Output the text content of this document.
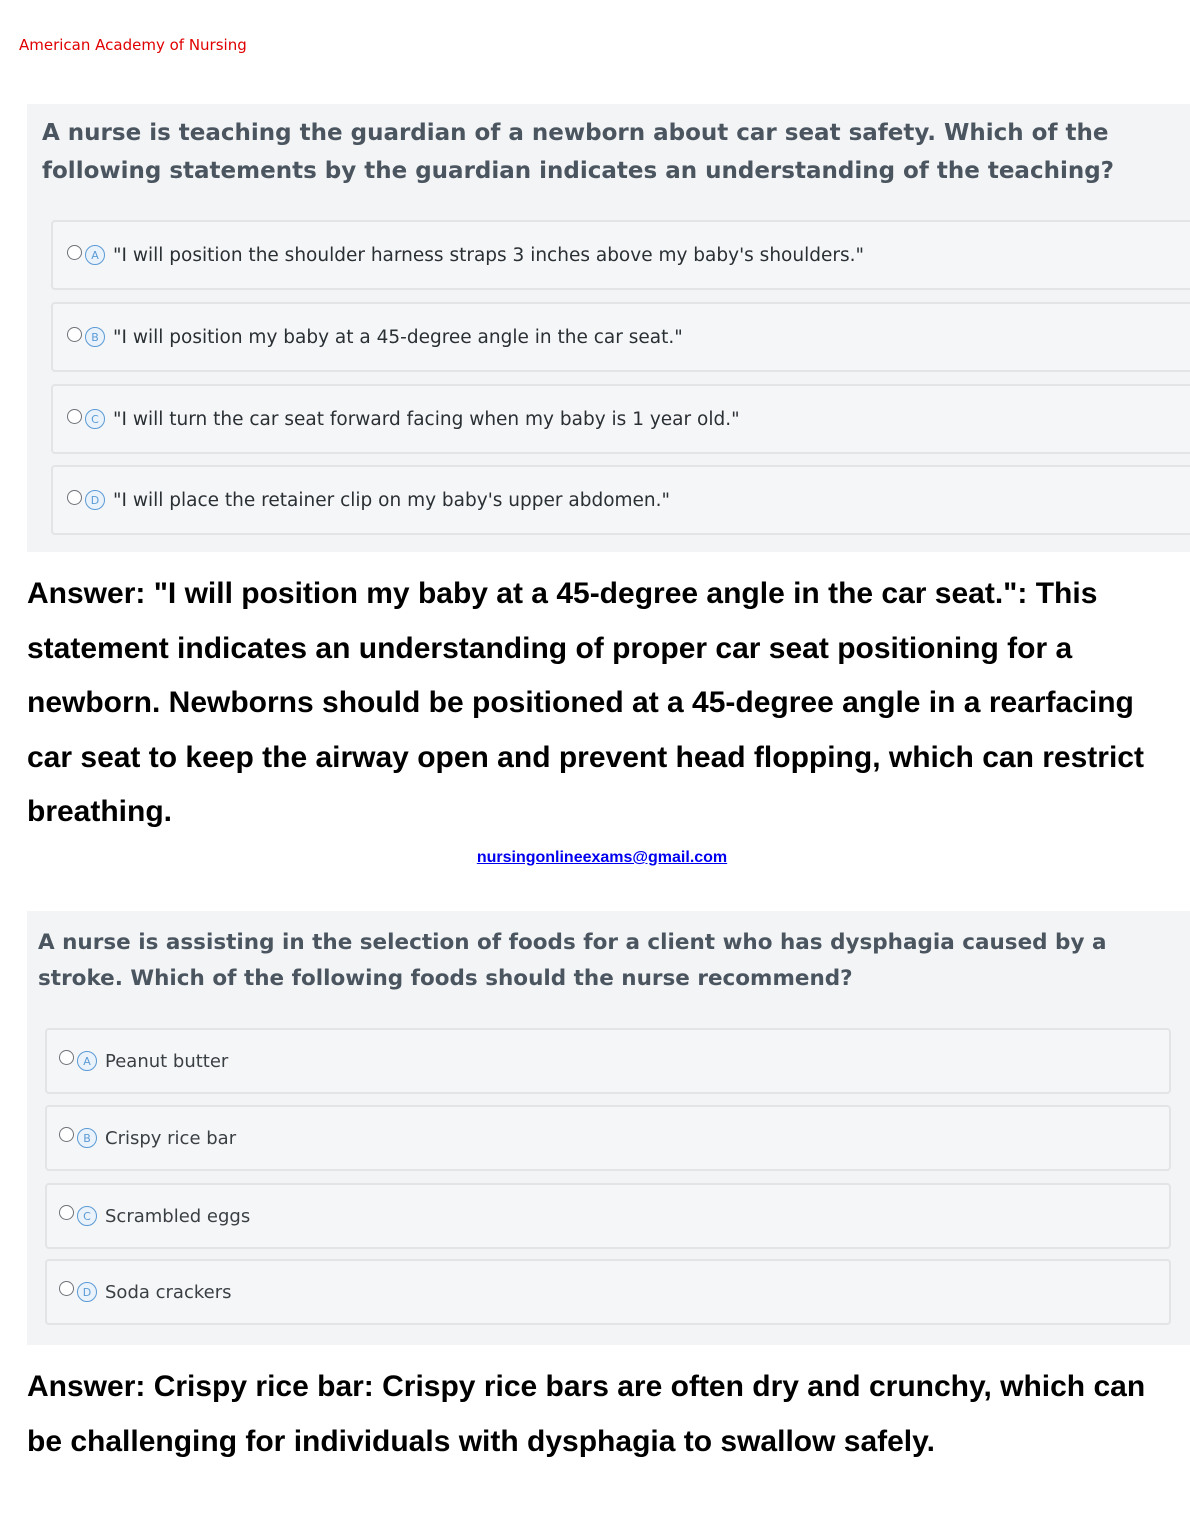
American Academy of Nursing
A nurse is teaching the guardian of a newborn about car seat safety. Which of the following statements by the guardian indicates an understanding of the teaching?
A "I will position the shoulder harness straps 3 inches above my baby's shoulders."
B "I will position my baby at a 45-degree angle in the car seat."
C "I will turn the car seat forward facing when my baby is 1 year old."
D "I will place the retainer clip on my baby's upper abdomen."
Answer: "I will position my baby at a 45-degree angle in the car seat.": This statement indicates an understanding of proper car seat positioning for a newborn. Newborns should be positioned at a 45-degree angle in a rearfacing car seat to keep the airway open and prevent head flopping, which can restrict breathing.
nursingonlineexams@gmail.com
A nurse is assisting in the selection of foods for a client who has dysphagia caused by a stroke. Which of the following foods should the nurse recommend?
A Peanut butter
B Crispy rice bar
C Scrambled eggs
D Soda crackers
Answer: Crispy rice bar: Crispy rice bars are often dry and crunchy, which can be challenging for individuals with dysphagia to swallow safely.
